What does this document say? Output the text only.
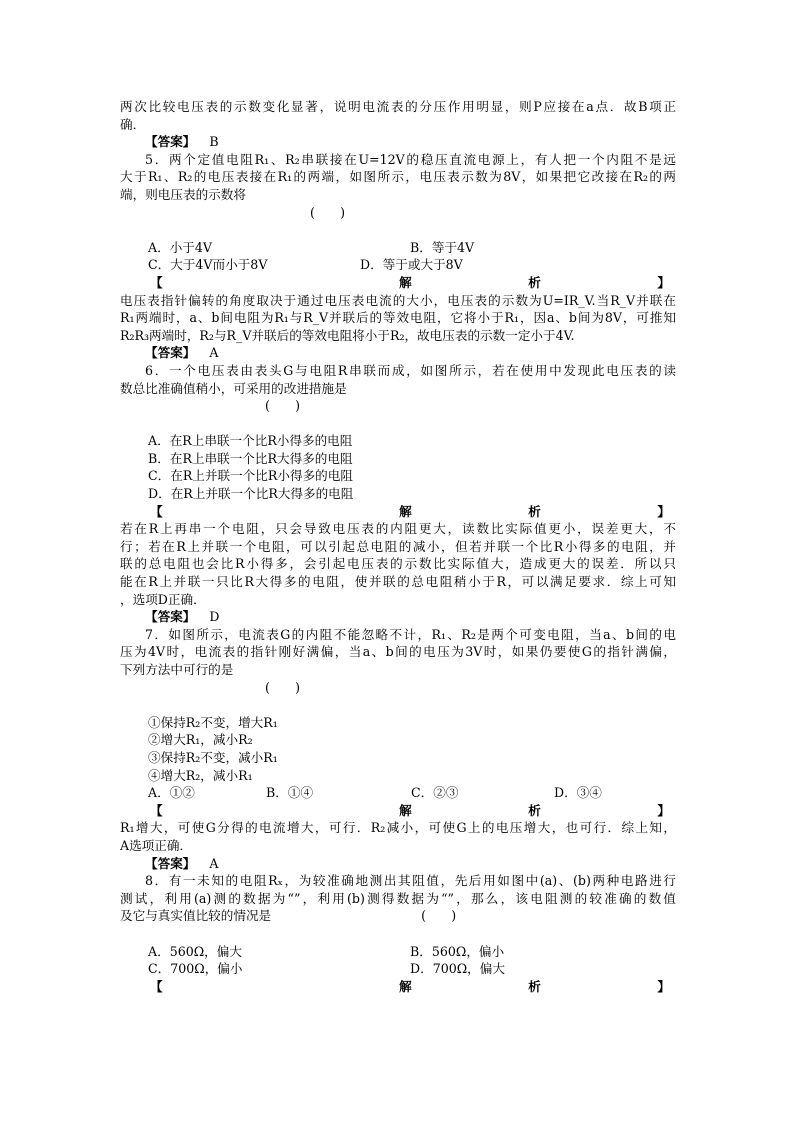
两次比较电压表的示数变化显著，说明电流表的分压作用明显，则P应接在a点．故B项正
确．
【答案】 B
5．两个定值电阻R₁、R₂串联接在U=12V的稳压直流电源上，有人把一个内阻不是远
大于R₁、R₂的电压表接在R₁的两端，如图所示，电压表示数为8V，如果把它改接在R₂的两
端，则电压表的示数将
(　　)
A．小于4V	B．等于4V
C．大于4V而小于8V	D．等于或大于8V
【	解	析	】
电压表指针偏转的角度取决于通过电压表电流的大小，电压表的示数为U=IR_V.当R_V并联在
R₁两端时，a、b间电阻为R₁与R_V并联后的等效电阻，它将小于R₁，因a、b间为8V，可推知
R₂R₃两端时，R₂与R_V并联后的等效电阻将小于R₂，故电压表的示数一定小于4V.
【答案】 A
6．一个电压表由表头G与电阻R串联而成，如图所示，若在使用中发现此电压表的读
数总比准确值稍小，可采用的改进措施是
(　　)
A．在R上串联一个比R小得多的电阻
B．在R上串联一个比R大得多的电阻
C．在R上并联一个比R小得多的电阻
D．在R上并联一个比R大得多的电阻
【	解	析	】
若在R上再串一个电阻，只会导致电压表的内阻更大，读数比实际值更小，误差更大，不
行；若在R上并联一个电阻，可以引起总电阻的减小，但若并联一个比R小得多的电阻，并
联的总电阻也会比R小得多，会引起电压表的示数比实际值大，造成更大的误差．所以只
能在R上并联一只比R大得多的电阻，使并联的总电阻稍小于R，可以满足要求．综上可知
，选项D正确．
【答案】 D
7．如图所示，电流表G的内阻不能忽略不计，R₁、R₂是两个可变电阻，当a、b间的电
压为4V时，电流表的指针刚好满偏，当a、b间的电压为3V时，如果仍要使G的指针满偏，
下列方法中可行的是
(　　)
①保持R₂不变，增大R₁
②增大R₁，减小R₂
③保持R₂不变，减小R₁
④增大R₂，减小R₁
A．①②	B．①④	C．②③	D．③④
【	解	析	】
R₁增大，可使G分得的电流增大，可行．R₂减小，可使G上的电压增大，也可行．综上知，
A选项正确．
【答案】 A
8．有一未知的电阻Rₓ，为较准确地测出其阻值，先后用如图中(a)、(b)两种电路进行
测试，利用(a)测的数据为“”，利用(b)测得数据为“”，那么，该电阻测的较准确的数值
及它与真实值比较的情况是	(　　)
A．560Ω，偏大	B．560Ω，偏小
C．700Ω，偏小	D．700Ω，偏大
【	解	析	】
